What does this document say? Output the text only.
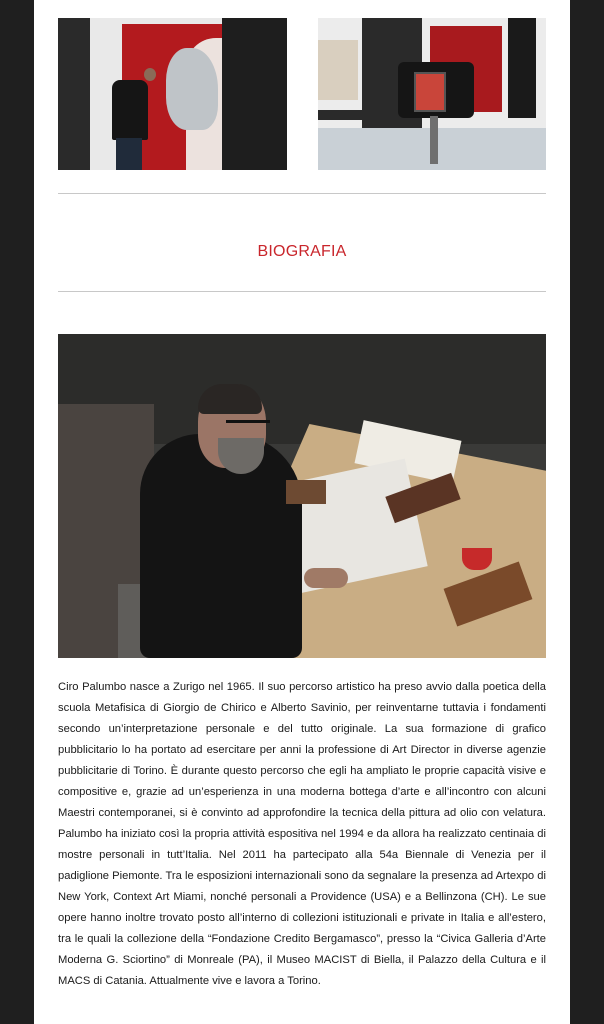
BIOGRAFIA

Ciro Palumbo nasce a Zurigo nel 1965. Il suo percorso artistico ha preso avvio dalla poetica della scuola Metafisica di Giorgio de Chirico e Alberto Savinio, per reinventarne tuttavia i fondamenti secondo un’interpretazione personale e del tutto originale. La sua formazione di grafico pubblicitario lo ha portato ad esercitare per anni la professione di Art Director in diverse agenzie pubblicitarie di Torino. È durante questo percorso che egli ha ampliato le proprie capacità visive e compositive e, grazie ad un’esperienza in una moderna bottega d’arte e all’incontro con alcuni Maestri contemporanei, si è convinto ad approfondire la tecnica della pittura ad olio con velatura. Palumbo ha iniziato così la propria attività espositiva nel 1994 e da allora ha realizzato centinaia di mostre personali in tutt’Italia. Nel 2011 ha partecipato alla 54a Biennale di Venezia per il padiglione Piemonte. Tra le esposizioni internazionali sono da segnalare la presenza ad Artexpo di New York, Context Art Miami, nonché personali a Providence (USA) e a Bellinzona (CH). Le sue opere hanno inoltre trovato posto all’interno di collezioni istituzionali e private in Italia e all’estero, tra le quali la collezione della “Fondazione Credito Bergamasco”, presso la “Civica Galleria d’Arte Moderna G. Sciortino” di Monreale (PA), il Museo MACIST di Biella, il Palazzo della Cultura e il MACS di Catania. Attualmente vive e lavora a Torino.
